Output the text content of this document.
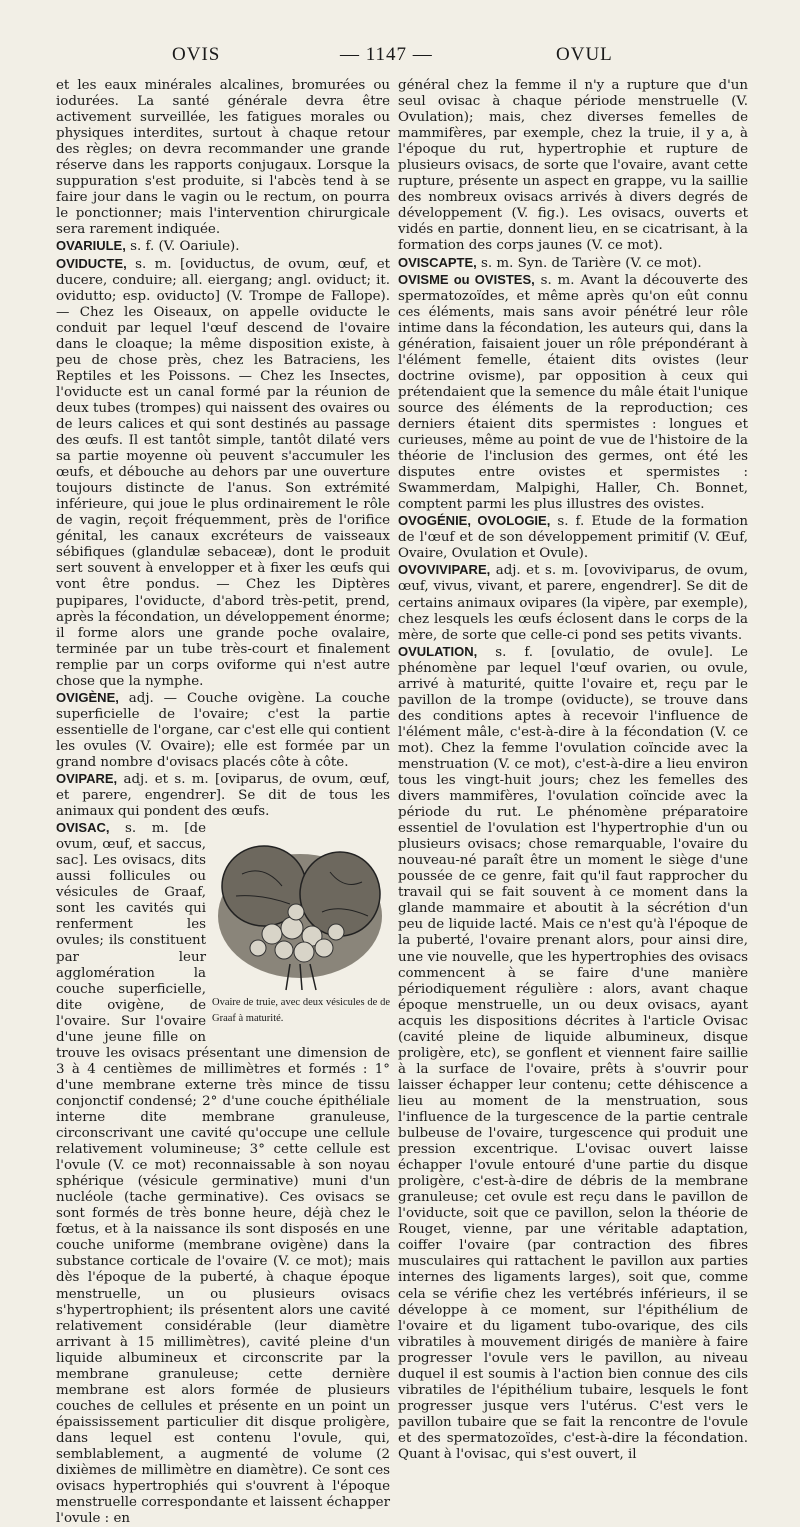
OVIS	— 1147 —	OVUL

et les eaux minérales alcalines, bromurées ou iodurées. La santé générale devra être activement surveillée, les fatigues morales ou physiques interdites, surtout à chaque retour des règles; on devra recommander une grande réserve dans les rapports conjugaux. Lorsque la suppuration s'est produite, si l'abcès tend à se faire jour dans le vagin ou le rectum, on pourra le ponctionner; mais l'intervention chirurgicale sera rarement indiquée.

OVARIULE, s. f. (V. Oariule).

OVIDUCTE, s. m. [oviductus, de ovum, œuf, et ducere, conduire; all. eiergang; angl. oviduct; it. ovidutto; esp. oviducto] (V. Trompe de Fallope). — Chez les Oiseaux, on appelle oviducte le conduit par lequel l'œuf descend de l'ovaire dans le cloaque; la même disposition existe, à peu de chose près, chez les Batraciens, les Reptiles et les Poissons. — Chez les Insectes, l'oviducte est un canal formé par la réunion de deux tubes (trompes) qui naissent des ovaires ou de leurs calices et qui sont destinés au passage des œufs. Il est tantôt simple, tantôt dilaté vers sa partie moyenne où peuvent s'accumuler les œufs, et débouche au dehors par une ouverture toujours distincte de l'anus. Son extrémité inférieure, qui joue le plus ordinairement le rôle de vagin, reçoit fréquemment, près de l'orifice génital, les canaux excréteurs de vaisseaux sébifiques (glandulæ sebaceæ), dont le produit sert souvent à envelopper et à fixer les œufs qui vont être pondus. — Chez les Diptères pupipares, l'oviducte, d'abord très-petit, prend, après la fécondation, un développement énorme; il forme alors une grande poche ovalaire, terminée par un tube très-court et finalement remplie par un corps oviforme qui n'est autre chose que la nymphe.

OVIGÈNE, adj. — Couche ovigène. La couche superficielle de l'ovaire; c'est la partie essentielle de l'organe, car c'est elle qui contient les ovules (V. Ovaire); elle est formée par un grand nombre d'ovisacs placés côte à côte.

OVIPARE, adj. et s. m. [oviparus, de ovum, œuf, et parere, engendrer]. Se dit de tous les animaux qui pondent des œufs.

Ovaire de truie, avec deux vésicules de de Graaf à maturité.
OVISAC, s. m. [de ovum, œuf, et saccus, sac]. Les ovisacs, dits aussi follicules ou vésicules de Graaf, sont les cavités qui renferment les ovules; ils constituent par leur agglomération la couche superficielle, dite ovigène, de l'ovaire. Sur l'ovaire d'une jeune fille on trouve les ovisacs présentant une dimension de 3 à 4 centièmes de millimètres et formés : 1° d'une membrane externe très mince de tissu conjonctif condensé; 2° d'une couche épithéliale interne dite membrane granuleuse, circonscrivant une cavité qu'occupe une cellule relativement volumineuse; 3° cette cellule est l'ovule (V. ce mot) reconnaissable à son noyau sphérique (vésicule germinative) muni d'un nucléole (tache germinative). Ces ovisacs se sont formés de très bonne heure, déjà chez le fœtus, et à la naissance ils sont disposés en une couche uniforme (membrane ovigène) dans la substance corticale de l'ovaire (V. ce mot); mais dès l'époque de la puberté, à chaque époque menstruelle, un ou plusieurs ovisacs s'hypertrophient; ils présentent alors une cavité relativement considérable (leur diamètre arrivant à 15 millimètres), cavité pleine d'un liquide albumineux et circonscrite par la membrane granuleuse; cette dernière membrane est alors formée de plusieurs couches de cellules et présente en un point un épaississement particulier dit disque proligère, dans lequel est contenu l'ovule, qui, semblablement, a augmenté de volume (2 dixièmes de millimètre en diamètre). Ce sont ces ovisacs hypertrophiés qui s'ouvrent à l'époque menstruelle correspondante et laissent échapper l'ovule : en

général chez la femme il n'y a rupture que d'un seul ovisac à chaque période menstruelle (V. Ovulation); mais, chez diverses femelles de mammifères, par exemple, chez la truie, il y a, à l'époque du rut, hypertrophie et rupture de plusieurs ovisacs, de sorte que l'ovaire, avant cette rupture, présente un aspect en grappe, vu la saillie des nombreux ovisacs arrivés à divers degrés de développement (V. fig.). Les ovisacs, ouverts et vidés en partie, donnent lieu, en se cicatrisant, à la formation des corps jaunes (V. ce mot).

OVISCAPTE, s. m. Syn. de Tarière (V. ce mot).

OVISME ou OVISTES, s. m. Avant la découverte des spermatozoïdes, et même après qu'on eût connu ces éléments, mais sans avoir pénétré leur rôle intime dans la fécondation, les auteurs qui, dans la génération, faisaient jouer un rôle prépondérant à l'élément femelle, étaient dits ovistes (leur doctrine ovisme), par opposition à ceux qui prétendaient que la semence du mâle était l'unique source des éléments de la reproduction; ces derniers étaient dits spermistes : longues et curieuses, même au point de vue de l'histoire de la théorie de l'inclusion des germes, ont été les disputes entre ovistes et spermistes : Swammerdam, Malpighi, Haller, Ch. Bonnet, comptent parmi les plus illustres des ovistes.

OVOGÉNIE, OVOLOGIE, s. f. Etude de la formation de l'œuf et de son développement primitif (V. Œuf, Ovaire, Ovulation et Ovule).

OVOVIVIPARE, adj. et s. m. [ovoviviparus, de ovum, œuf, vivus, vivant, et parere, engendrer]. Se dit de certains animaux ovipares (la vipère, par exemple), chez lesquels les œufs éclosent dans le corps de la mère, de sorte que celle-ci pond ses petits vivants.

OVULATION, s. f. [ovulatio, de ovule]. Le phénomène par lequel l'œuf ovarien, ou ovule, arrivé à maturité, quitte l'ovaire et, reçu par le pavillon de la trompe (oviducte), se trouve dans des conditions aptes à recevoir l'influence de l'élément mâle, c'est-à-dire à la fécondation (V. ce mot). Chez la femme l'ovulation coïncide avec la menstruation (V. ce mot), c'est-à-dire a lieu environ tous les vingt-huit jours; chez les femelles des divers mammifères, l'ovulation coïncide avec la période du rut. Le phénomène préparatoire essentiel de l'ovulation est l'hypertrophie d'un ou plusieurs ovisacs; chose remarquable, l'ovaire du nouveau-né paraît être un moment le siège d'une poussée de ce genre, fait qu'il faut rapprocher du travail qui se fait souvent à ce moment dans la glande mammaire et aboutit à la sécrétion d'un peu de liquide lacté. Mais ce n'est qu'à l'époque de la puberté, l'ovaire prenant alors, pour ainsi dire, une vie nouvelle, que les hypertrophies des ovisacs commencent à se faire d'une manière périodiquement régulière : alors, avant chaque époque menstruelle, un ou deux ovisacs, ayant acquis les dispositions décrites à l'article Ovisac (cavité pleine de liquide albumineux, disque proligère, etc), se gonflent et viennent faire saillie à la surface de l'ovaire, prêts à s'ouvrir pour laisser échapper leur contenu; cette déhiscence a lieu au moment de la menstruation, sous l'influence de la turgescence de la partie centrale bulbeuse de l'ovaire, turgescence qui produit une pression excentrique. L'ovisac ouvert laisse échapper l'ovule entouré d'une partie du disque proligère, c'est-à-dire de débris de la membrane granuleuse; cet ovule est reçu dans le pavillon de l'oviducte, soit que ce pavillon, selon la théorie de Rouget, vienne, par une véritable adaptation, coiffer l'ovaire (par contraction des fibres musculaires qui rattachent le pavillon aux parties internes des ligaments larges), soit que, comme cela se vérifie chez les vertébrés inférieurs, il se développe à ce moment, sur l'épithélium de l'ovaire et du ligament tubo-ovarique, des cils vibratiles à mouvement dirigés de manière à faire progresser l'ovule vers le pavillon, au niveau duquel il est soumis à l'action bien connue des cils vibratiles de l'épithélium tubaire, lesquels le font progresser jusque vers l'utérus. C'est vers le pavillon tubaire que se fait la rencontre de l'ovule et des spermatozoïdes, c'est-à-dire la fécondation. Quant à l'ovisac, qui s'est ouvert, il
